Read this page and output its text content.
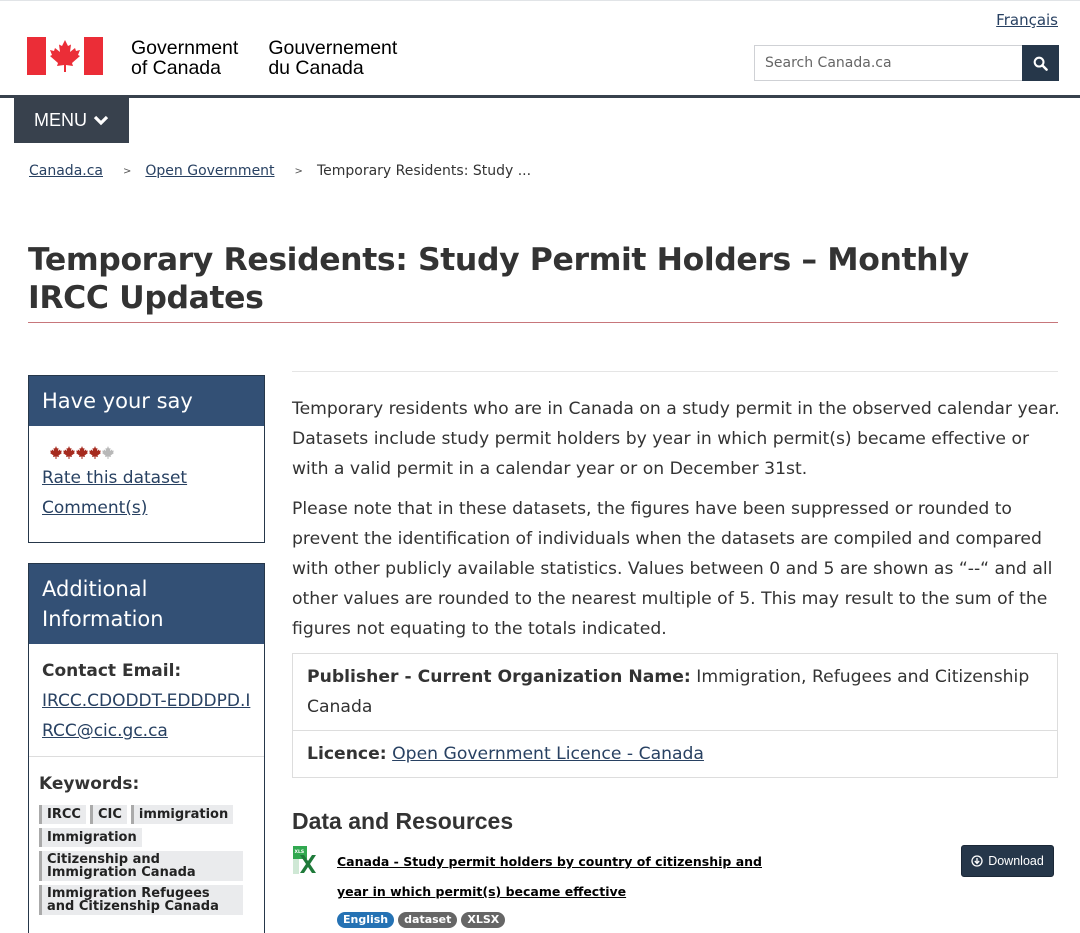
Français
Government
of Canada
Gouvernement
du Canada
Search Canada.ca
MENU
Canada.ca > Open Government > Temporary Residents: Study ...
Temporary Residents: Study Permit Holders – Monthly IRCC Updates
Have your say
Rate this dataset
Comment(s)
Additional Information
Contact Email:
IRCC.CDODDT-EDDDPD.IRCC@cic.gc.ca
Keywords:
IRCC	CIC	immigration
Immigration
Citizenship and Immigration Canada
Immigration Refugees and Citizenship Canada

Temporary residents who are in Canada on a study permit in the observed calendar year. Datasets include study permit holders by year in which permit(s) became effective or with a valid permit in a calendar year or on December 31st.

Please note that in these datasets, the figures have been suppressed or rounded to prevent the identification of individuals when the datasets are compiled and compared with other publicly available statistics. Values between 0 and 5 are shown as “--“ and all other values are rounded to the nearest multiple of 5. This may result to the sum of the figures not equating to the totals indicated.

Publisher - Current Organization Name: Immigration, Refugees and Citizenship Canada
Licence: Open Government Licence - Canada
Data and Resources
XLS
Canada - Study permit holders by country of citizenship and year in which permit(s) became effective
Download
English	dataset	XLSX
